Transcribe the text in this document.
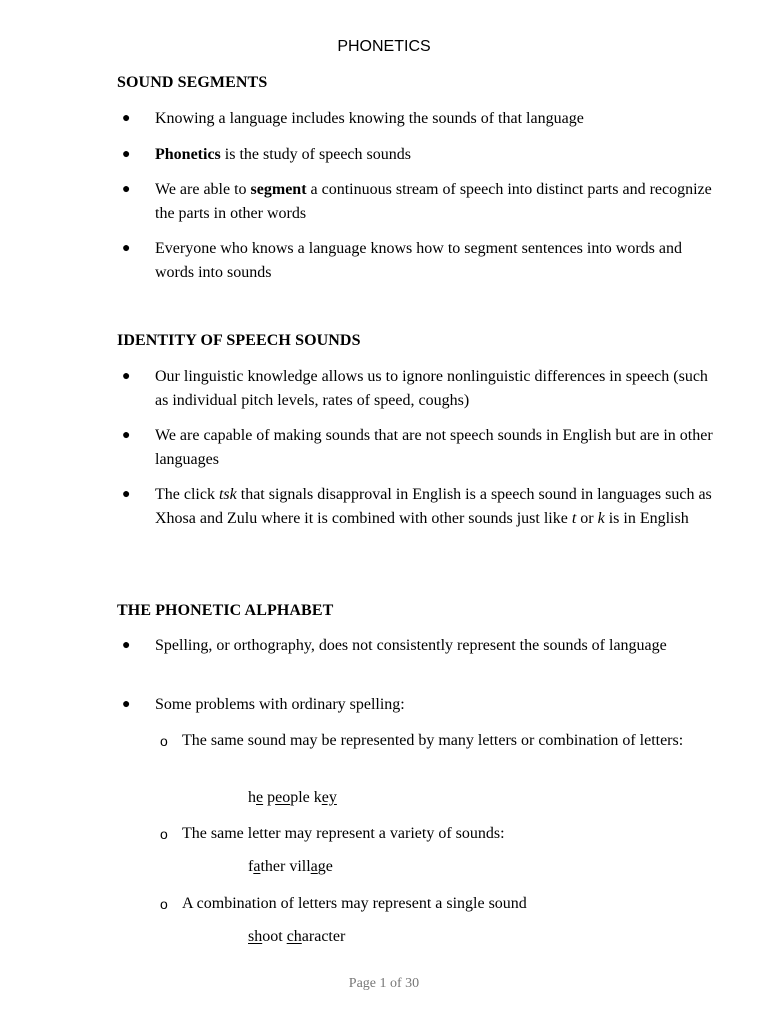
PHONETICS
SOUND SEGMENTS
● Knowing a language includes knowing the sounds of that language
● Phonetics is the study of speech sounds
● We are able to segment a continuous stream of speech into distinct parts and recognize the parts in other words
● Everyone who knows a language knows how to segment sentences into words and words into sounds
IDENTITY OF SPEECH SOUNDS
● Our linguistic knowledge allows us to ignore nonlinguistic differences in speech (such as individual pitch levels, rates of speed, coughs)
● We are capable of making sounds that are not speech sounds in English but are in other languages
● The click tsk that signals disapproval in English is a speech sound in languages such as Xhosa and Zulu where it is combined with other sounds just like t or k is in English
THE PHONETIC ALPHABET
● Spelling, or orthography, does not consistently represent the sounds of language
● Some problems with ordinary spelling:
o The same sound may be represented by many letters or combination of letters:
he people key
o The same letter may represent a variety of sounds:
father village
o A combination of letters may represent a single sound
shoot character
Page 1 of 30
